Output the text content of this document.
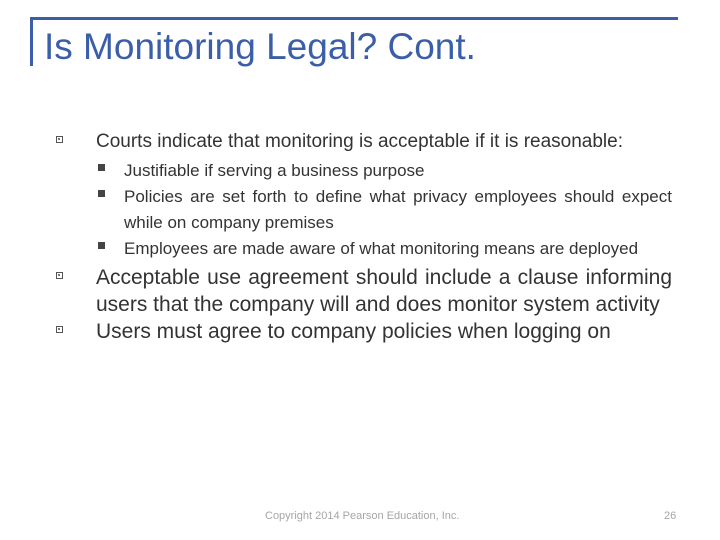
Is Monitoring Legal? Cont.
Courts indicate that monitoring is acceptable if it is reasonable:
Justifiable if serving a business purpose
Policies are set forth to define what privacy employees should expect while on company premises
Employees are made aware of what monitoring means are deployed
Acceptable use agreement should include a clause informing users that the company will and does monitor system activity
Users must agree to company policies when logging on
Copyright 2014 Pearson Education, Inc.	26
